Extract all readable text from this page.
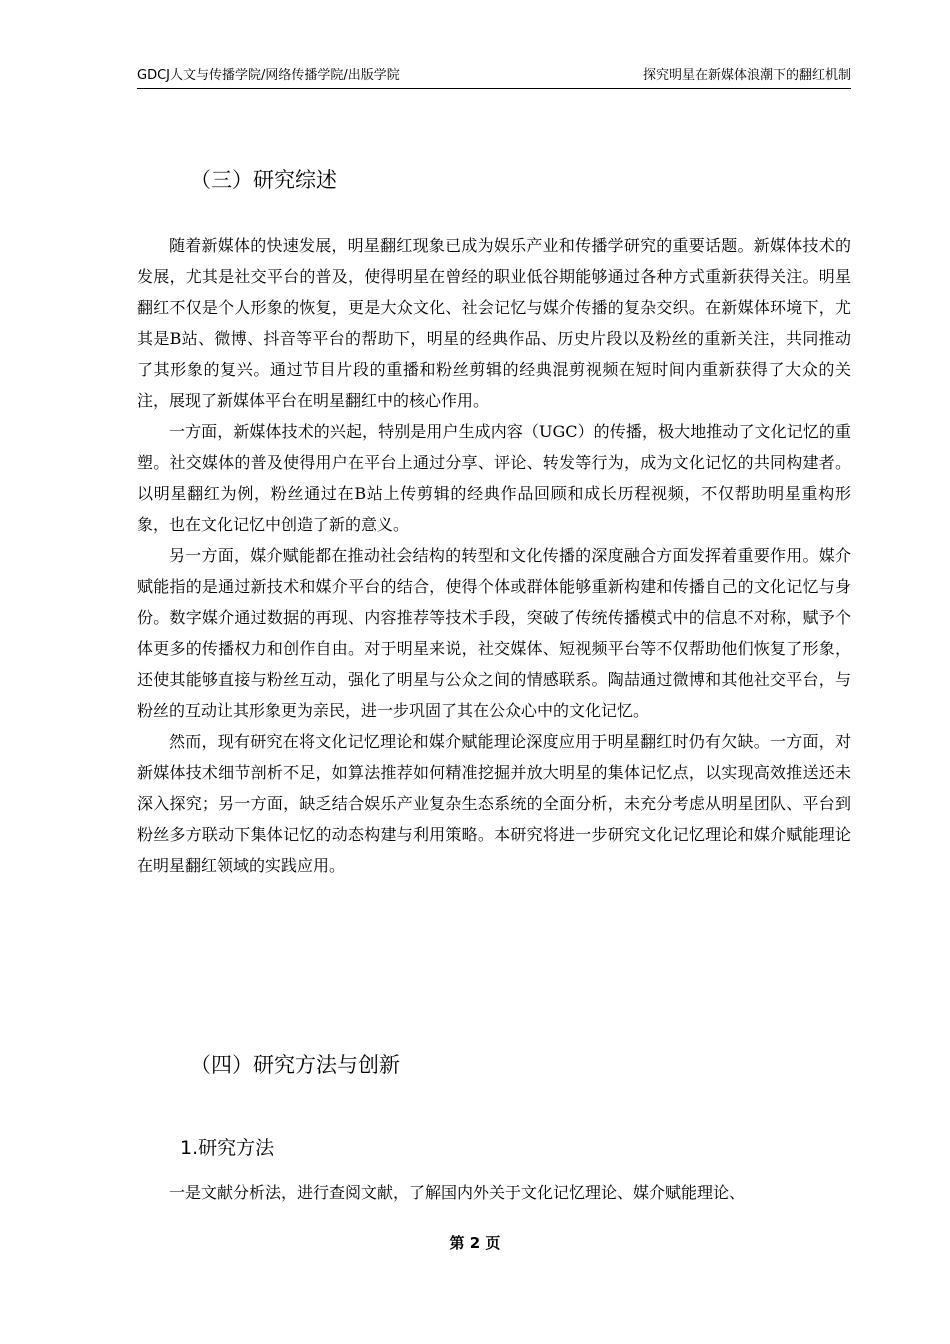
GDCJ人文与传播学院/网络传播学院/出版学院	探究明星在新媒体浪潮下的翻红机制
（三）研究综述

随着新媒体的快速发展，明星翻红现象已成为娱乐产业和传播学研究的重要话题。新媒体技术的发展，尤其是社交平台的普及，使得明星在曾经的职业低谷期能够通过各种方式重新获得关注。明星翻红不仅是个人形象的恢复，更是大众文化、社会记忆与媒介传播的复杂交织。在新媒体环境下，尤其是B站、微博、抖音等平台的帮助下，明星的经典作品、历史片段以及粉丝的重新关注，共同推动了其形象的复兴。通过节目片段的重播和粉丝剪辑的经典混剪视频在短时间内重新获得了大众的关注，展现了新媒体平台在明星翻红中的核心作用。

一方面，新媒体技术的兴起，特别是用户生成内容（UGC）的传播，极大地推动了文化记忆的重塑。社交媒体的普及使得用户在平台上通过分享、评论、转发等行为，成为文化记忆的共同构建者。以明星翻红为例，粉丝通过在B站上传剪辑的经典作品回顾和成长历程视频，不仅帮助明星重构形象，也在文化记忆中创造了新的意义。

另一方面，媒介赋能都在推动社会结构的转型和文化传播的深度融合方面发挥着重要作用。媒介赋能指的是通过新技术和媒介平台的结合，使得个体或群体能够重新构建和传播自己的文化记忆与身份。数字媒介通过数据的再现、内容推荐等技术手段，突破了传统传播模式中的信息不对称，赋予个体更多的传播权力和创作自由。对于明星来说，社交媒体、短视频平台等不仅帮助他们恢复了形象，还使其能够直接与粉丝互动，强化了明星与公众之间的情感联系。陶喆通过微博和其他社交平台，与粉丝的互动让其形象更为亲民，进一步巩固了其在公众心中的文化记忆。

然而，现有研究在将文化记忆理论和媒介赋能理论深度应用于明星翻红时仍有欠缺。一方面，对新媒体技术细节剖析不足，如算法推荐如何精准挖掘并放大明星的集体记忆点，以实现高效推送还未深入探究；另一方面，缺乏结合娱乐产业复杂生态系统的全面分析，未充分考虑从明星团队、平台到粉丝多方联动下集体记忆的动态构建与利用策略。本研究将进一步研究文化记忆理论和媒介赋能理论在明星翻红领域的实践应用。

（四）研究方法与创新
1.研究方法

一是文献分析法，进行查阅文献，了解国内外关于文化记忆理论、媒介赋能理论、

第 2 页
